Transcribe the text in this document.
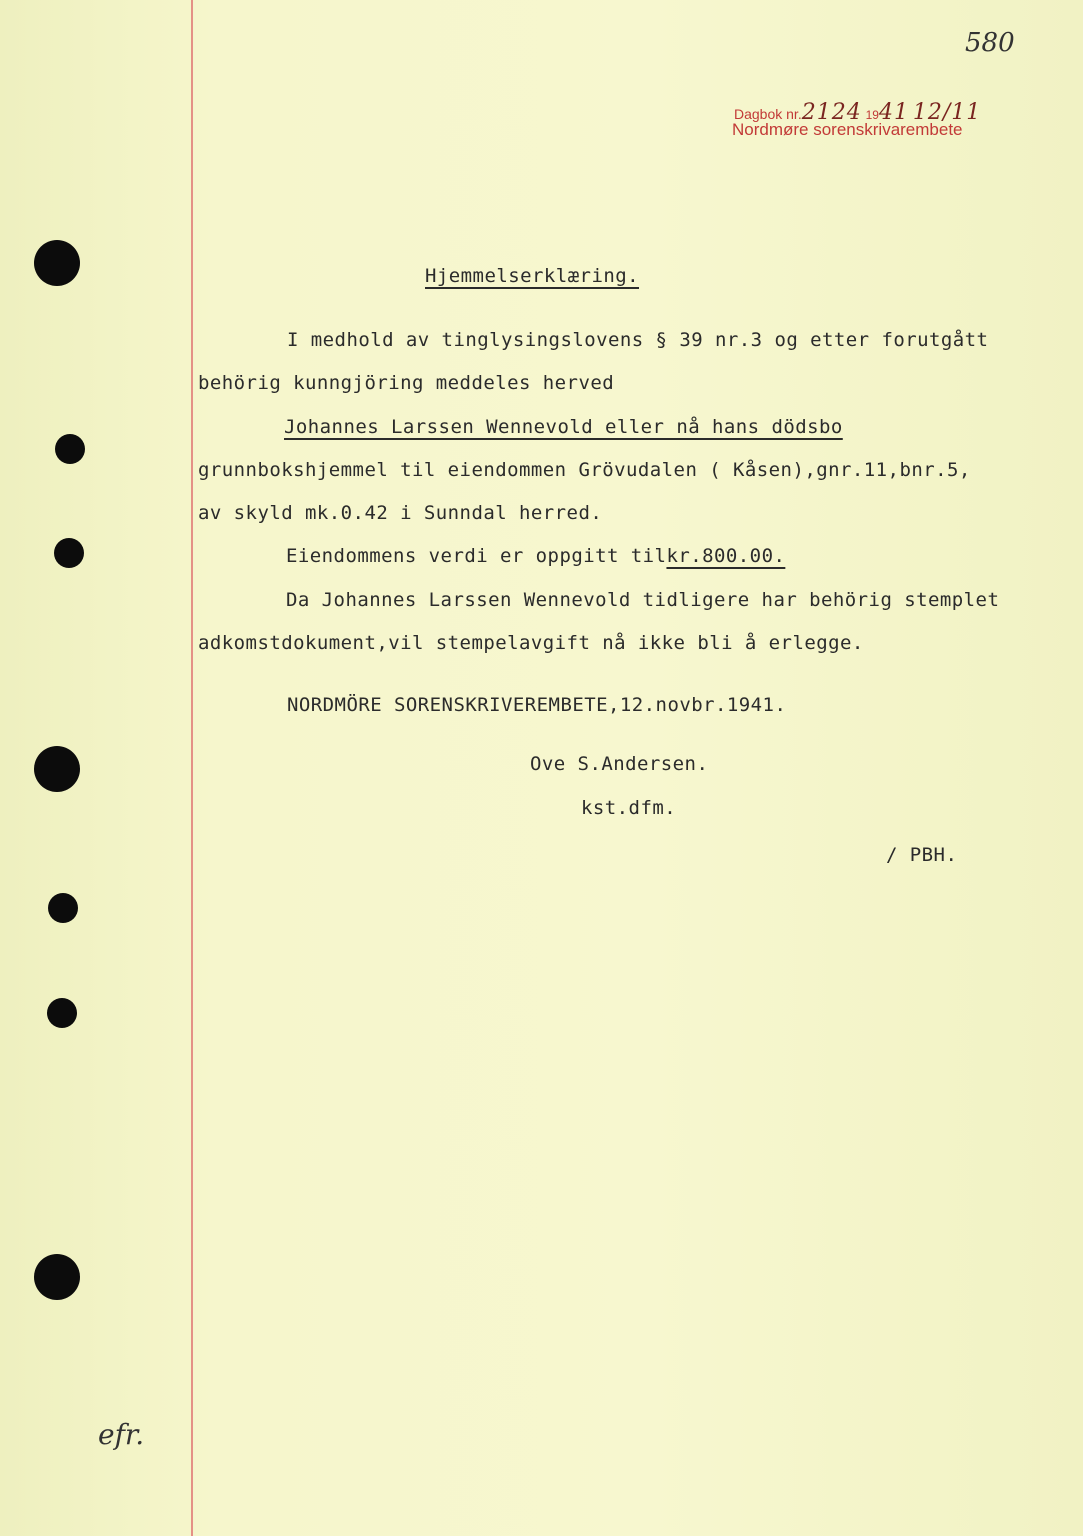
580
Dagbok nr.2124 1941 12/11
Nordmøre sorenskrivarembete
Hjemmelserklæring.
I medhold av tinglysingslovens § 39 nr.3 og etter forutgått
behörig kunngjöring meddeles herved
Johannes Larssen Wennevold eller nå hans dödsbo
grunnbokshjemmel til eiendommen Grövudalen ( Kåsen),gnr.11,bnr.5,
av skyld mk.0.42 i Sunndal herred.
Eiendommens verdi er oppgitt tilkr.800.00.
Da Johannes Larssen Wennevold tidligere har behörig stemplet
adkomstdokument,vil stempelavgift nå ikke bli å erlegge.
NORDMÖRE SORENSKRIVEREMBETE,12.novbr.1941.
Ove S.Andersen.
kst.dfm.
/ PBH.
efr.
